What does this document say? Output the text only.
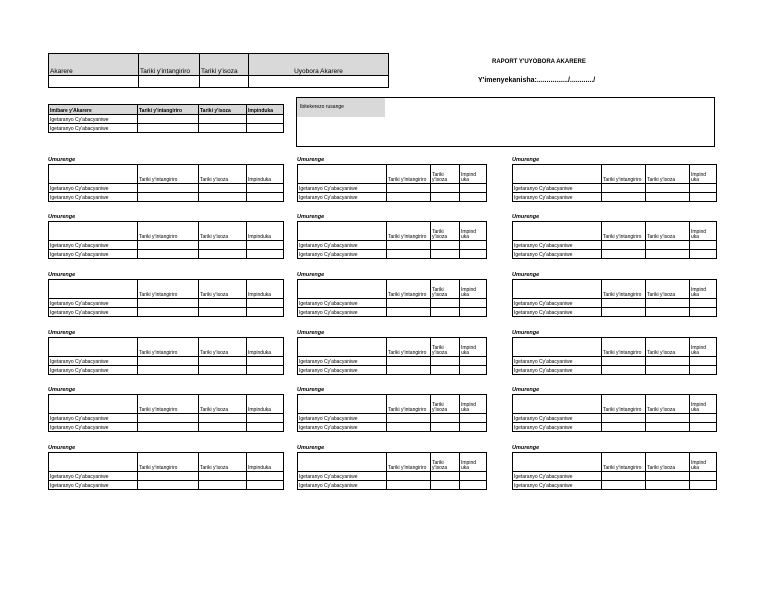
Akarere	Tariki y'intangiriro	Tariki y'isoza	Uyobora Akarere

RAPORT Y'UYOBORA AKARERE
Y'imenyekanisha:................/............/
Imibare y'Akarere	Tariki y'intangiriro	Tariki y'isoza	Impinduka
Igetaranyo Cy'abacyaniwe			
Igetaranyo Cy'abacyaniwe			
Ibitekerezo rusange
Umurenge
	Tariki y'intangiriro	Tariki y'isoza	Impinduka
Igetaranyo Cy'abacyaniwe			
Igetaranyo Cy'abacyaniwe			
Umurenge
	Tariki y'intangiriro	Tariki y'isoza	Impind uka
Igetaranyo Cy'abacyaniwe			
Igetaranyo Cy'abacyaniwe			
Umurenge
	Tariki y'intangiriro	Tariki y'isoza	Impind uka
Igetaranyo Cy'abacyaniwe			
Igetaranyo Cy'abacyaniwe			
Umurenge
	Tariki y'intangiriro	Tariki y'isoza	Impinduka
Igetaranyo Cy'abacyaniwe			
Igetaranyo Cy'abacyaniwe			
Umurenge
	Tariki y'intangiriro	Tariki y'isoza	Impind uka
Igetaranyo Cy'abacyaniwe			
Igetaranyo Cy'abacyaniwe			
Umurenge
	Tariki y'intangiriro	Tariki y'isoza	Impind uka
Igetaranyo Cy'abacyaniwe			
Igetaranyo Cy'abacyaniwe			
Umurenge
	Tariki y'intangiriro	Tariki y'isoza	Impinduka
Igetaranyo Cy'abacyaniwe			
Igetaranyo Cy'abacyaniwe			
Umurenge
	Tariki y'intangiriro	Tariki y'isoza	Impind uka
Igetaranyo Cy'abacyaniwe			
Igetaranyo Cy'abacyaniwe			
Umurenge
	Tariki y'intangiriro	Tariki y'isoza	Impind uka
Igetaranyo Cy'abacyaniwe			
Igetaranyo Cy'abacyaniwe			
Umurenge
	Tariki y'intangiriro	Tariki y'isoza	Impinduka
Igetaranyo Cy'abacyaniwe			
Igetaranyo Cy'abacyaniwe			
Umurenge
	Tariki y'intangiriro	Tariki y'isoza	Impind uka
Igetaranyo Cy'abacyaniwe			
Igetaranyo Cy'abacyaniwe			
Umurenge
	Tariki y'intangiriro	Tariki y'isoza	Impind uka
Igetaranyo Cy'abacyaniwe			
Igetaranyo Cy'abacyaniwe			
Umurenge
	Tariki y'intangiriro	Tariki y'isoza	Impinduka
Igetaranyo Cy'abacyaniwe			
Igetaranyo Cy'abacyaniwe			
Umurenge
	Tariki y'intangiriro	Tariki y'isoza	Impind uka
Igetaranyo Cy'abacyaniwe			
Igetaranyo Cy'abacyaniwe			
Umurenge
	Tariki y'intangiriro	Tariki y'isoza	Impind uka
Igetaranyo Cy'abacyaniwe			
Igetaranyo Cy'abacyaniwe			
Umurenge
	Tariki y'intangiriro	Tariki y'isoza	Impinduka
Igetaranyo Cy'abacyaniwe			
Igetaranyo Cy'abacyaniwe			
Umurenge
	Tariki y'intangiriro	Tariki y'isoza	Impind uka
Igetaranyo Cy'abacyaniwe			
Igetaranyo Cy'abacyaniwe			
Umurenge
	Tariki y'intangiriro	Tariki y'isoza	Impind uka
Igetaranyo Cy'abacyaniwe			
Igetaranyo Cy'abacyaniwe			
